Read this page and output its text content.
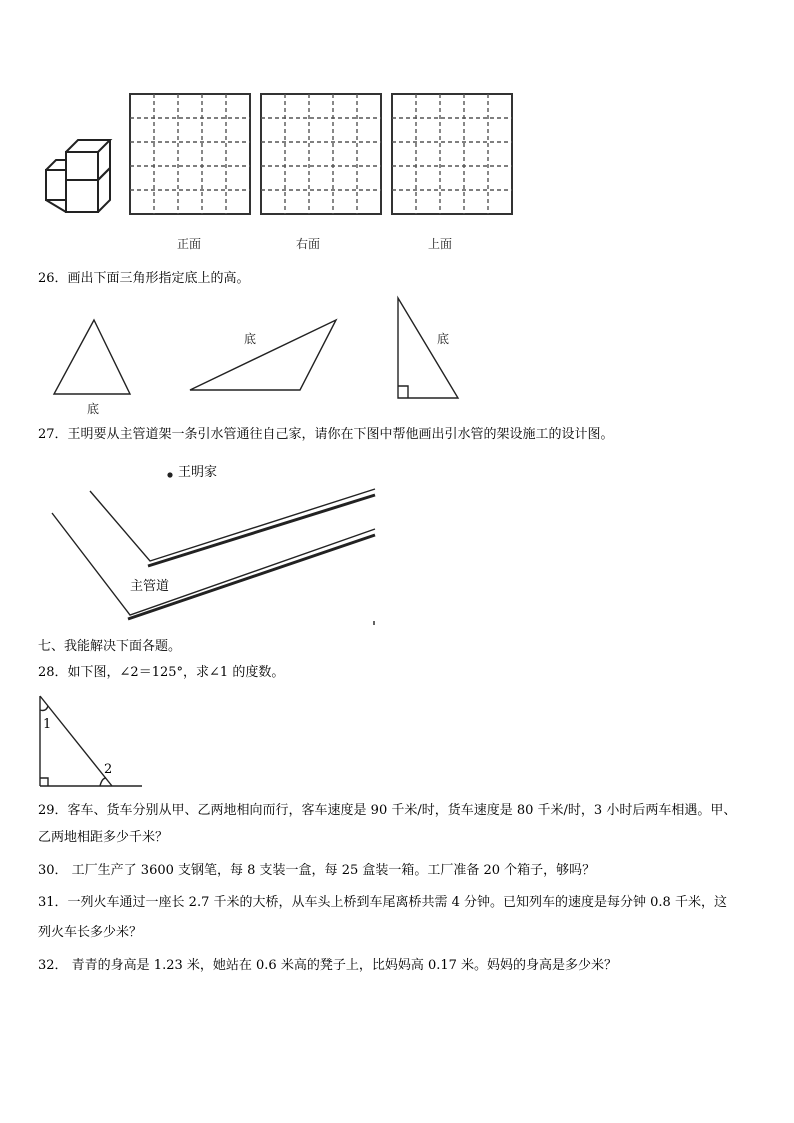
正面	右面	上面
26．画出下面三角形指定底上的高。
底
底	底
27．王明要从主管道架一条引水管通往自己家，请你在下图中帮他画出引水管的架设施工的设计图。
王明家
主管道
七、我能解决下面各题。
28．如下图，∠2＝125°，求∠1 的度数。
1
2
29．客车、货车分别从甲、乙两地相向而行，客车速度是 90 千米/时，货车速度是 80 千米/时，3 小时后两车相遇。甲、
乙两地相距多少千米？
30． 工厂生产了 3600 支钢笔，每 8 支装一盒，每 25 盒装一箱。工厂准备 20 个箱子，够吗？
31．一列火车通过一座长 2.7 千米的大桥，从车头上桥到车尾离桥共需 4 分钟。已知列车的速度是每分钟 0.8 千米，这
列火车长多少米？
32． 青青的身高是 1.23 米，她站在 0.6 米高的凳子上，比妈妈高 0.17 米。妈妈的身高是多少米？
